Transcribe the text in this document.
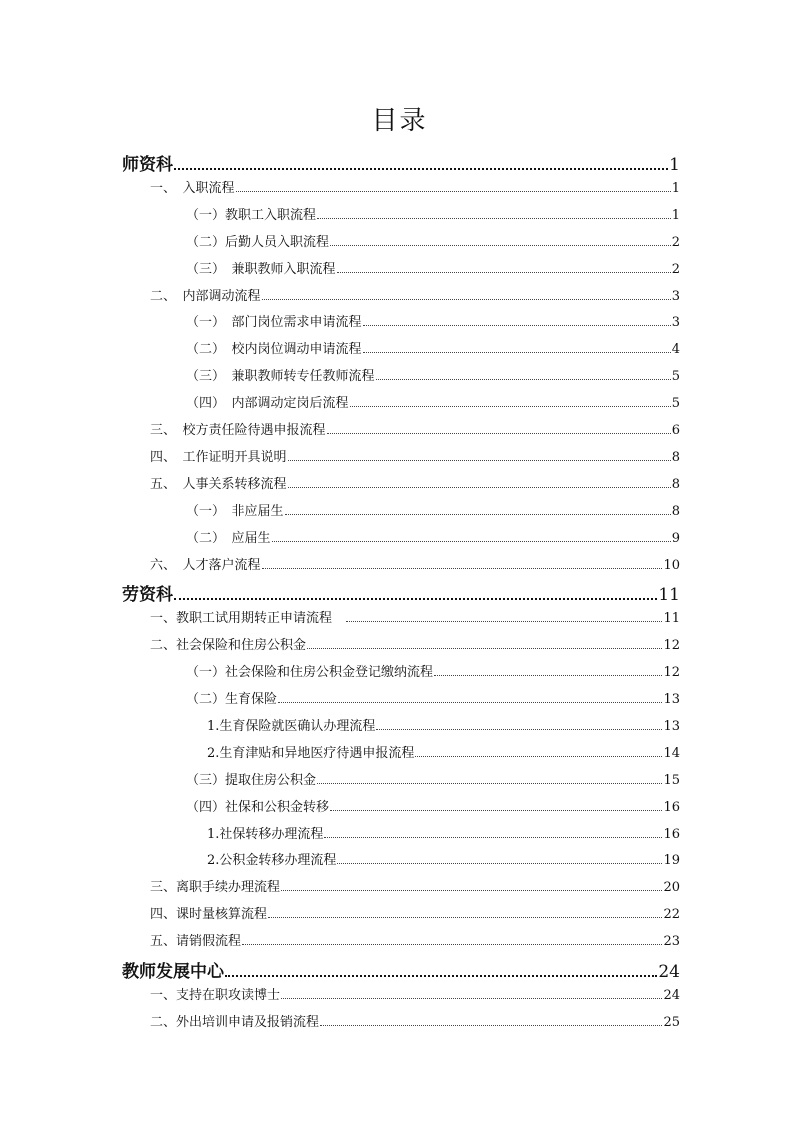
目录
师资科	1
一、　入职流程	1
（一）教职工入职流程	1
（二）后勤人员入职流程	2
（三）　兼职教师入职流程	2
二、　内部调动流程	3
（一）　部门岗位需求申请流程	3
（二）　校内岗位调动申请流程	4
（三）　兼职教师转专任教师流程	5
（四）　内部调动定岗后流程	5
三、　校方责任险待遇申报流程	6
四、　工作证明开具说明	8
五、　人事关系转移流程	8
（一）　非应届生	8
（二）　应届生	9
六、　人才落户流程	10
劳资科	11
一、教职工试用期转正申请流程　	11
二、社会保险和住房公积金	12
（一）社会保险和住房公积金登记缴纳流程	12
（二）生育保险	13
1.生育保险就医确认办理流程	13
2.生育津贴和异地医疗待遇申报流程	14
（三）提取住房公积金	15
（四）社保和公积金转移	16
1.社保转移办理流程	16
2.公积金转移办理流程	19
三、离职手续办理流程	20
四、课时量核算流程	22
五、请销假流程	23
教师发展中心	24
一、支持在职攻读博士	24
二、外出培训申请及报销流程	25
